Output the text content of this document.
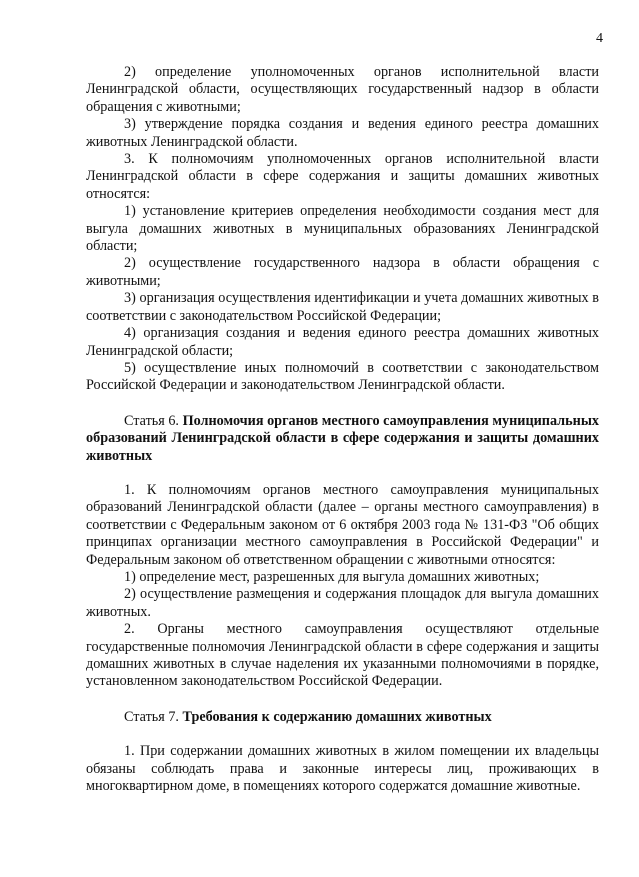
4

2) определение уполномоченных органов исполнительной власти Ленинградской области, осуществляющих государственный надзор в области обращения с животными;

3) утверждение порядка создания и ведения единого реестра домашних животных Ленинградской области.

3. К полномочиям уполномоченных органов исполнительной власти Ленинградской области в сфере содержания и защиты домашних животных относятся:

1) установление критериев определения необходимости создания мест для выгула домашних животных в муниципальных образованиях Ленинградской области;

2) осуществление государственного надзора в области обращения с животными;

3) организация осуществления идентификации и учета домашних животных в соответствии с законодательством Российской Федерации;

4) организация создания и ведения единого реестра домашних животных Ленинградской области;

5) осуществление иных полномочий в соответствии с законодательством Российской Федерации и законодательством Ленинградской области.

Статья 6. Полномочия органов местного самоуправления муниципальных образований Ленинградской области в сфере содержания и защиты домашних животных

1. К полномочиям органов местного самоуправления муниципальных образований Ленинградской области (далее – органы местного самоуправления) в соответствии с Федеральным законом от 6 октября 2003 года № 131-ФЗ "Об общих принципах организации местного самоуправления в Российской Федерации" и Федеральным законом об ответственном обращении с животными относятся:

1) определение мест, разрешенных для выгула домашних животных;

2) осуществление размещения и содержания площадок для выгула домашних животных.

2. Органы местного самоуправления осуществляют отдельные государственные полномочия Ленинградской области в сфере содержания и защиты домашних животных в случае наделения их указанными полномочиями в порядке, установленном законодательством Российской Федерации.

Статья 7. Требования к содержанию домашних животных

1. При содержании домашних животных в жилом помещении их владельцы обязаны соблюдать права и законные интересы лиц, проживающих в многоквартирном доме, в помещениях которого содержатся домашние животные.
